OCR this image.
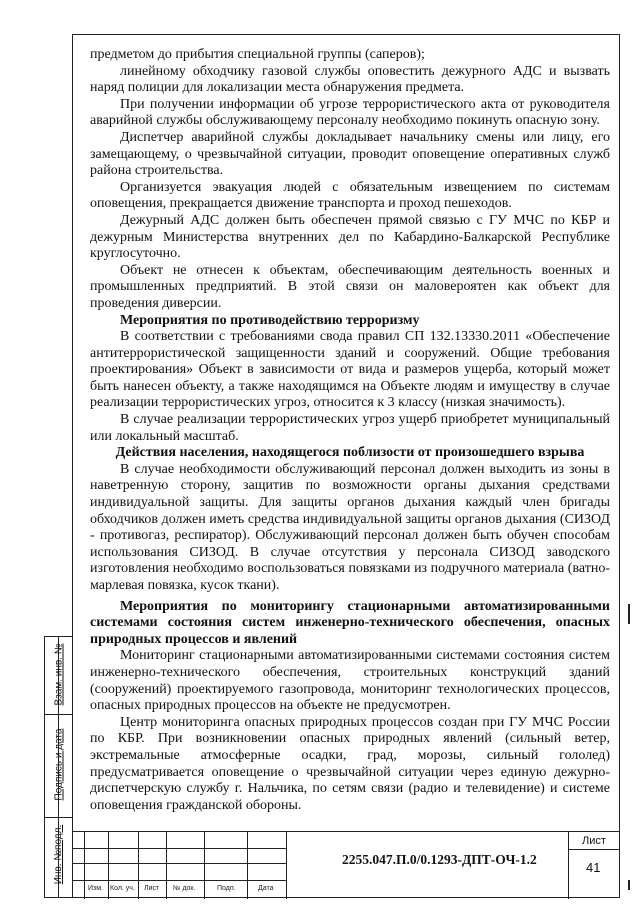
предметом до прибытия специальной группы (саперов);

линейному обходчику газовой службы оповестить дежурного АДС и вызвать наряд полиции для локализации места обнаружения предмета.

При получении информации об угрозе террористического акта от руководителя аварийной службы обслуживающему персоналу необходимо покинуть опасную зону.

Диспетчер аварийной службы докладывает начальнику смены или лицу, его замещающему, о чрезвычайной ситуации, проводит оповещение оперативных служб района строительства.

Организуется эвакуация людей с обязательным извещением по системам оповещения, прекращается движение транспорта и проход пешеходов.

Дежурный АДС должен быть обеспечен прямой связью с ГУ МЧС по КБР и дежурным Министерства внутренних дел по Кабардино-Балкарской Республике круглосуточно.

Объект не отнесен к объектам, обеспечивающим деятельность военных и промышленных предприятий. В этой связи он маловероятен как объект для проведения диверсии.

Мероприятия по противодействию терроризму

В соответствии с требованиями свода правил СП 132.13330.2011 «Обеспечение антитеррористической защищенности зданий и сооружений. Общие требования проектирования» Объект в зависимости от вида и размеров ущерба, который может быть нанесен объекту, а также находящимся на Объекте людям и имуществу в случае реализации террористических угроз, относится к 3 классу (низкая значимость).

В случае реализации террористических угроз ущерб приобретет муниципальный или локальный масштаб.

Действия населения, находящегося поблизости от произошедшего взрыва

В случае необходимости обслуживающий персонал должен выходить из зоны в наветренную сторону, защитив по возможности органы дыхания средствами индивидуальной защиты. Для защиты органов дыхания каждый член бригады обходчиков должен иметь средства индивидуальной защиты органов дыхания (СИЗОД - противогаз, респиратор). Обслуживающий персонал должен быть обучен способам использования СИЗОД. В случае отсутствия у персонала СИЗОД заводского изготовления необходимо воспользоваться повязками из подручного материала (ватно-марлевая повязка, кусок ткани).

Мероприятия по мониторингу стационарными автоматизированными системами состояния систем инженерно-технического обеспечения, опасных природных процессов и явлений

Мониторинг стационарными автоматизированными системами состояния систем инженерно-технического обеспечения, строительных конструкций зданий (сооружений) проектируемого газопровода, мониторинг технологических процессов, опасных природных процессов на объекте не предусмотрен.

Центр мониторинга опасных природных процессов создан при ГУ МЧС России по КБР. При возникновении опасных природных явлений (сильный ветер, экстремальные атмосферные осадки, град, морозы, сильный гололед) предусматривается оповещение о чрезвычайной ситуации через единую дежурно-диспетчерскую службу г. Нальчика, по сетям связи (радио и телевидение) и системе оповещения гражданской обороны.

Взам. инв. №
Подпись и дата
Инв. №подл.
Изм. Кол. уч. Лист № док.	Подп.	Дата
2255.047.П.0/0.1293-ДПТ-ОЧ-1.2
Лист
41
